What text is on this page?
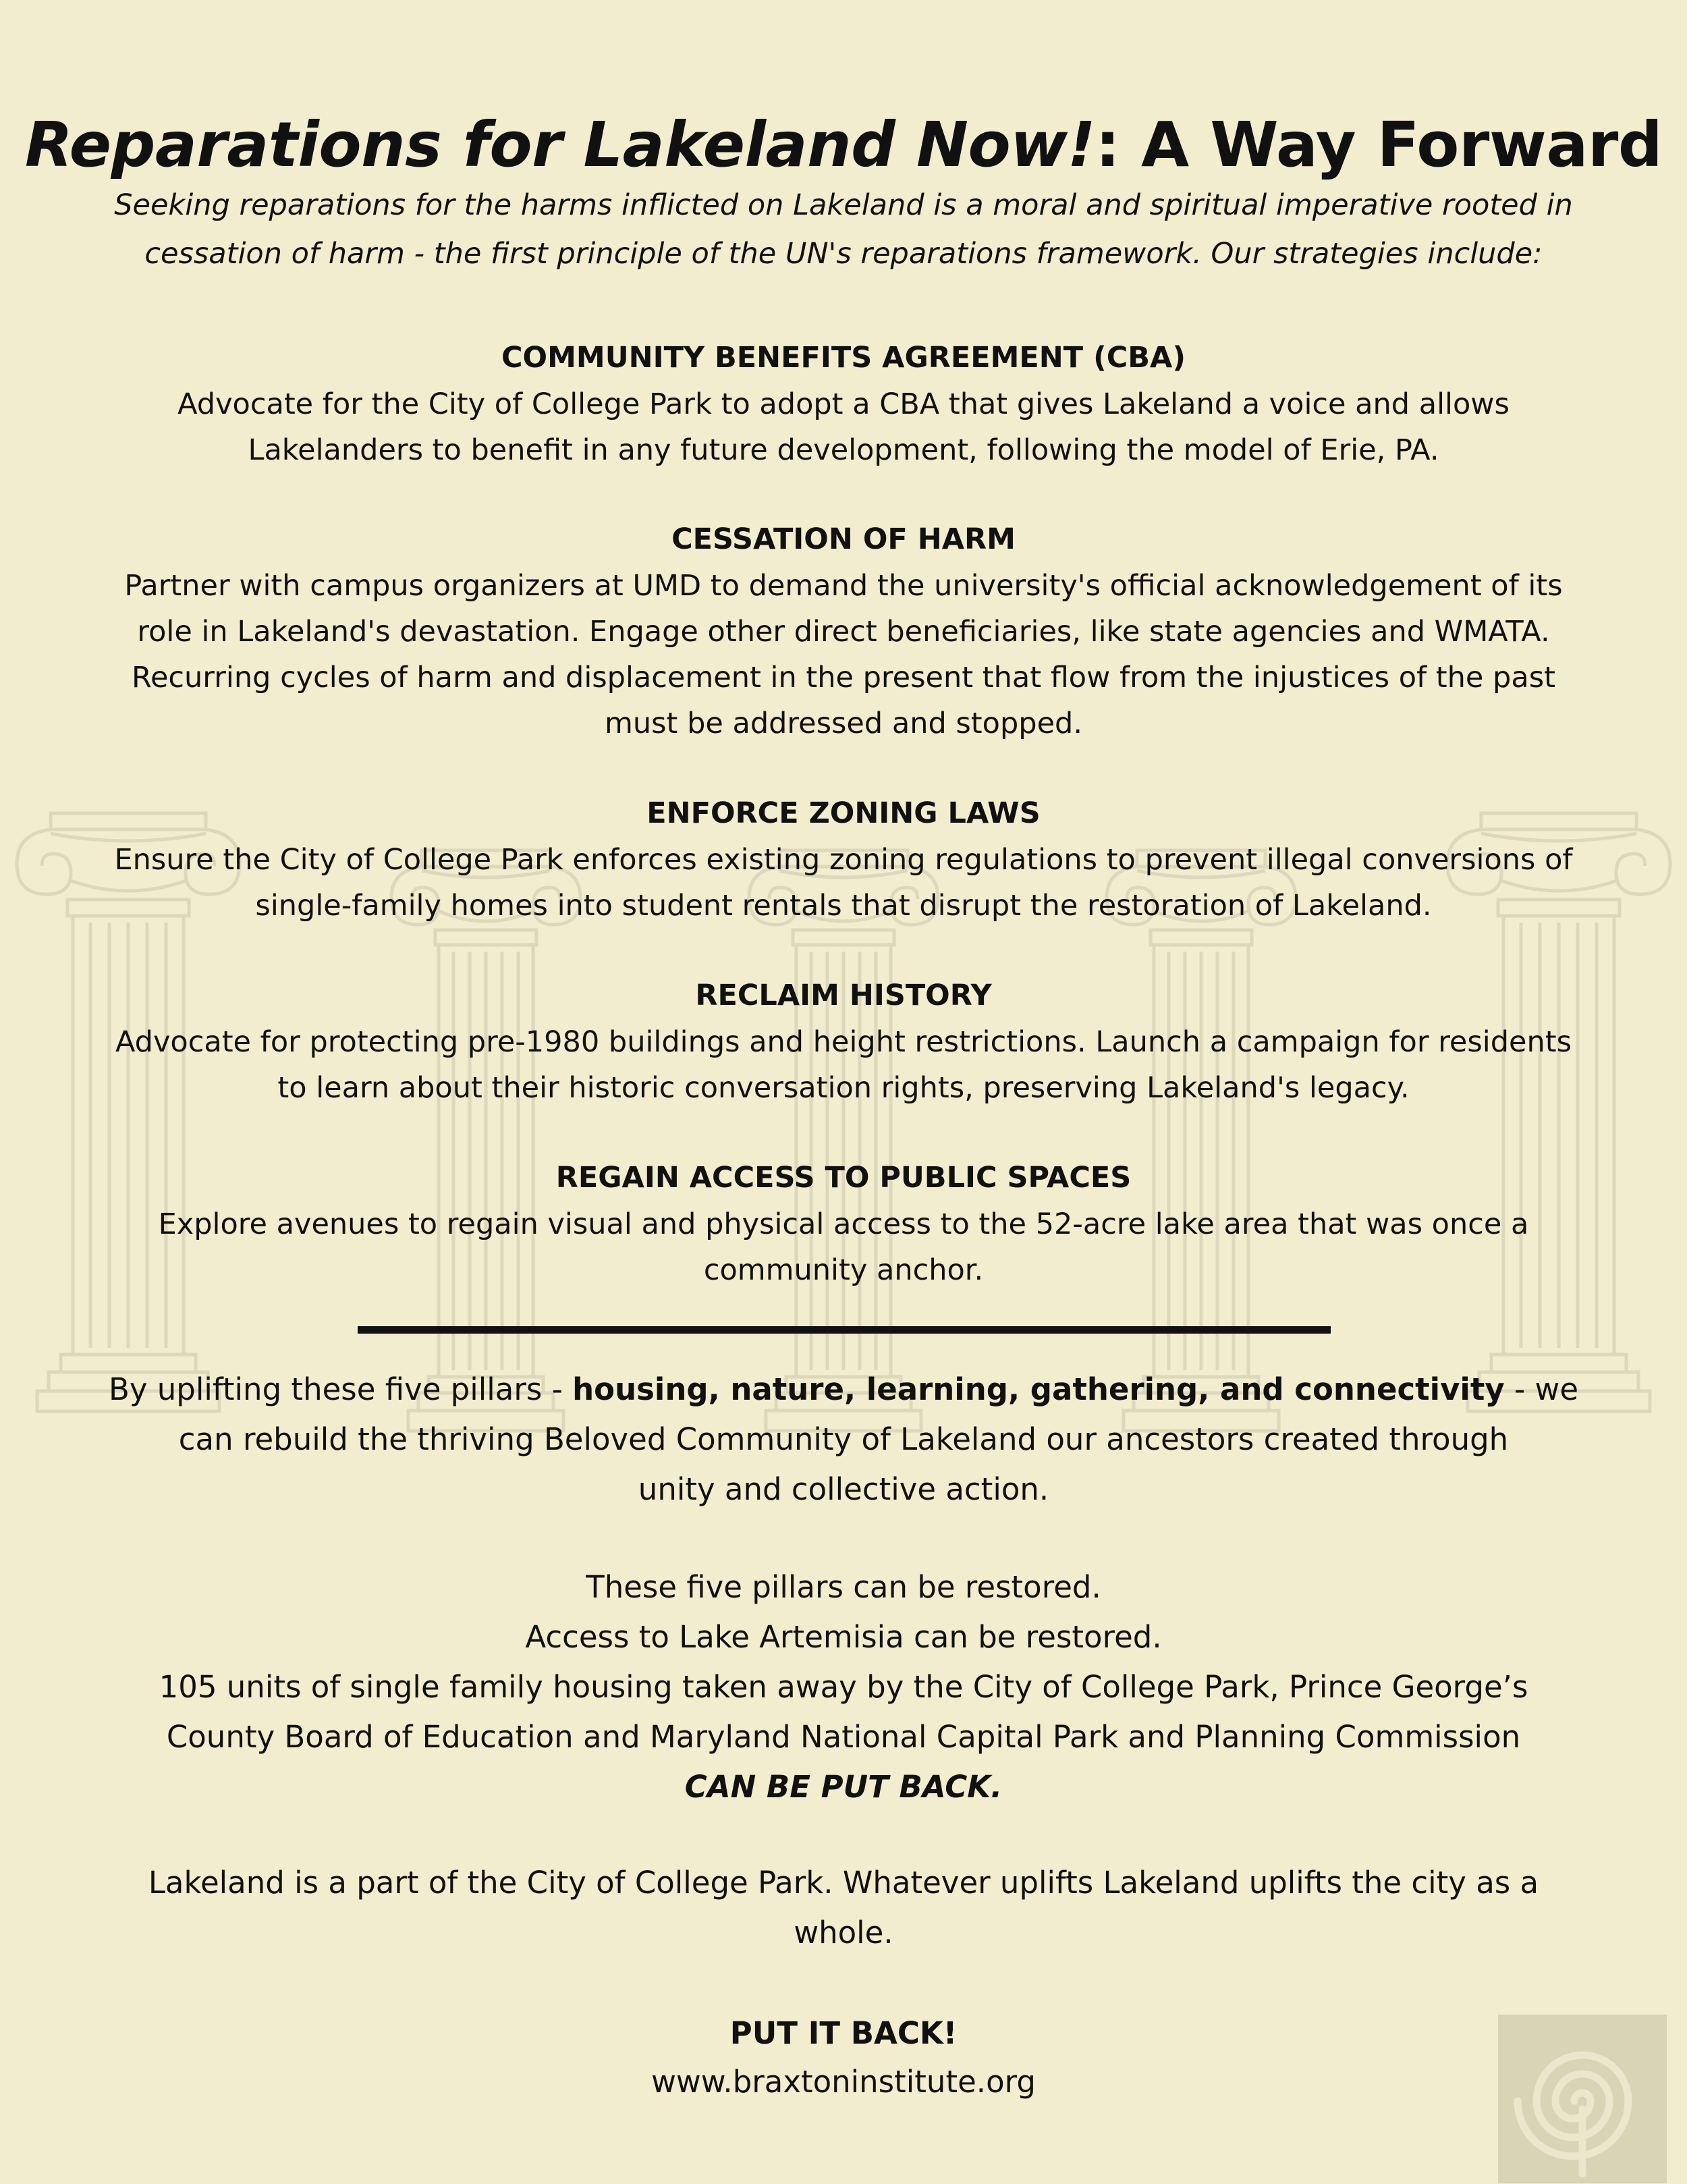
Reparations for Lakeland Now!: A Way Forward
Seeking reparations for the harms inflicted on Lakeland is a moral and spiritual imperative rooted in
cessation of harm - the first principle of the UN's reparations framework. Our strategies include:
COMMUNITY BENEFITS AGREEMENT (CBA)
Advocate for the City of College Park to adopt a CBA that gives Lakeland a voice and allows
Lakelanders to benefit in any future development, following the model of Erie, PA.
CESSATION OF HARM
Partner with campus organizers at UMD to demand the university's official acknowledgement of its
role in Lakeland's devastation. Engage other direct beneficiaries, like state agencies and WMATA.
Recurring cycles of harm and displacement in the present that flow from the injustices of the past
must be addressed and stopped.
ENFORCE ZONING LAWS
Ensure the City of College Park enforces existing zoning regulations to prevent illegal conversions of
single-family homes into student rentals that disrupt the restoration of Lakeland.
RECLAIM HISTORY
Advocate for protecting pre-1980 buildings and height restrictions. Launch a campaign for residents
to learn about their historic conversation rights, preserving Lakeland's legacy.
REGAIN ACCESS TO PUBLIC SPACES
Explore avenues to regain visual and physical access to the 52-acre lake area that was once a
community anchor.
By uplifting these five pillars - housing, nature, learning, gathering, and connectivity - we
can rebuild the thriving Beloved Community of Lakeland our ancestors created through
unity and collective action.
These five pillars can be restored.
Access to Lake Artemisia can be restored.
105 units of single family housing taken away by the City of College Park, Prince George’s
County Board of Education and Maryland National Capital Park and Planning Commission
CAN BE PUT BACK.
Lakeland is a part of the City of College Park. Whatever uplifts Lakeland uplifts the city as a
whole.
PUT IT BACK!
www.braxtoninstitute.org
